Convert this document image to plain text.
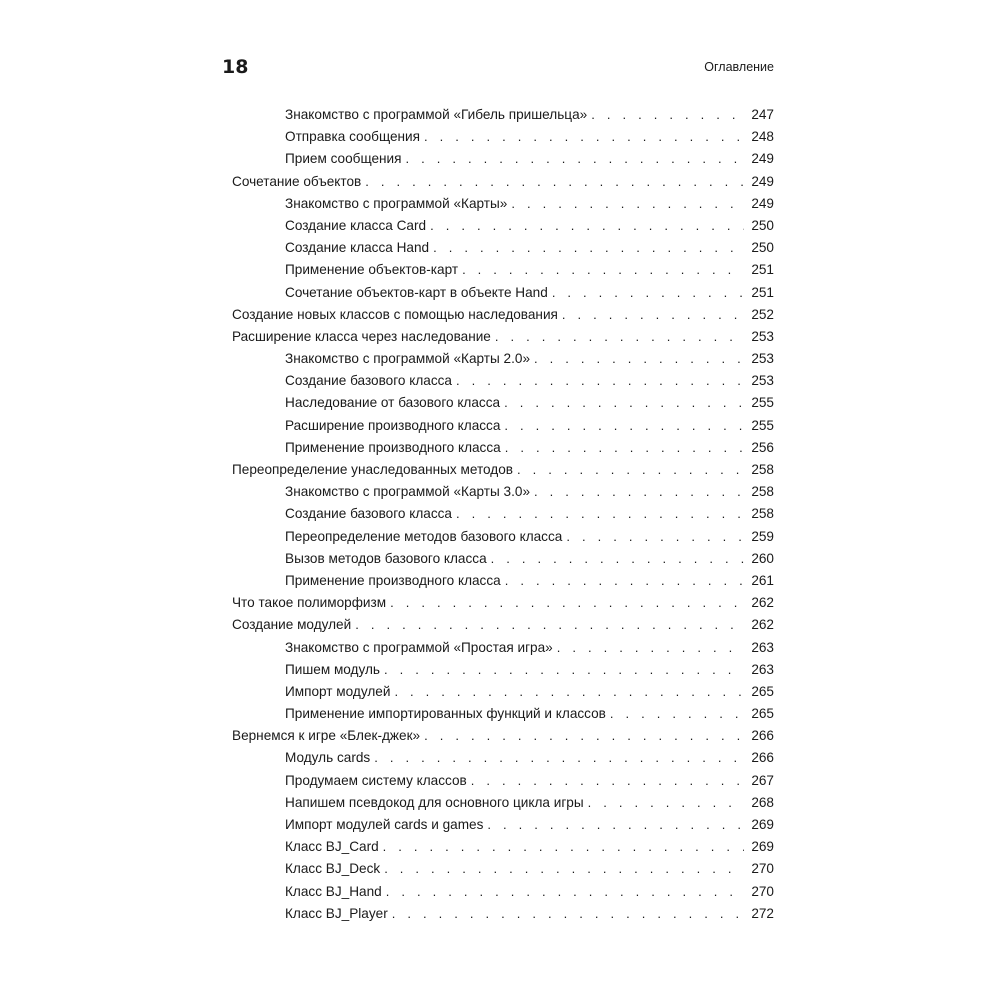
18	Оглавление
Знакомство с программой «Гибель пришельца» . . .	247
Отправка сообщения . . .	248
Прием сообщения . . .	249
Сочетание объектов . . .	249
Знакомство с программой «Карты» . . .	249
Создание класса Card . . .	250
Создание класса Hand . . .	250
Применение объектов-карт . . .	251
Сочетание объектов-карт в объекте Hand . . .	251
Создание новых классов с помощью наследования . . .	252
Расширение класса через наследование . . .	253
Знакомство с программой «Карты 2.0» . . .	253
Создание базового класса . . .	253
Наследование от базового класса . . .	255
Расширение производного класса . . .	255
Применение производного класса . . .	256
Переопределение унаследованных методов . . .	258
Знакомство с программой «Карты 3.0» . . .	258
Создание базового класса . . .	258
Переопределение методов базового класса . . .	259
Вызов методов базового класса . . .	260
Применение производного класса . . .	261
Что такое полиморфизм . . .	262
Создание модулей . . .	262
Знакомство с программой «Простая игра» . . .	263
Пишем модуль . . .	263
Импорт модулей . . .	265
Применение импортированных функций и классов . . .	265
Вернемся к игре «Блек-джек» . . .	266
Модуль cards . . .	266
Продумаем систему классов . . .	267
Напишем псевдокод для основного цикла игры . . .	268
Импорт модулей cards и games . . .	269
Класс BJ_Card . . .	269
Класс BJ_Deck . . .	270
Класс BJ_Hand . . .	270
Класс BJ_Player . . .	272
